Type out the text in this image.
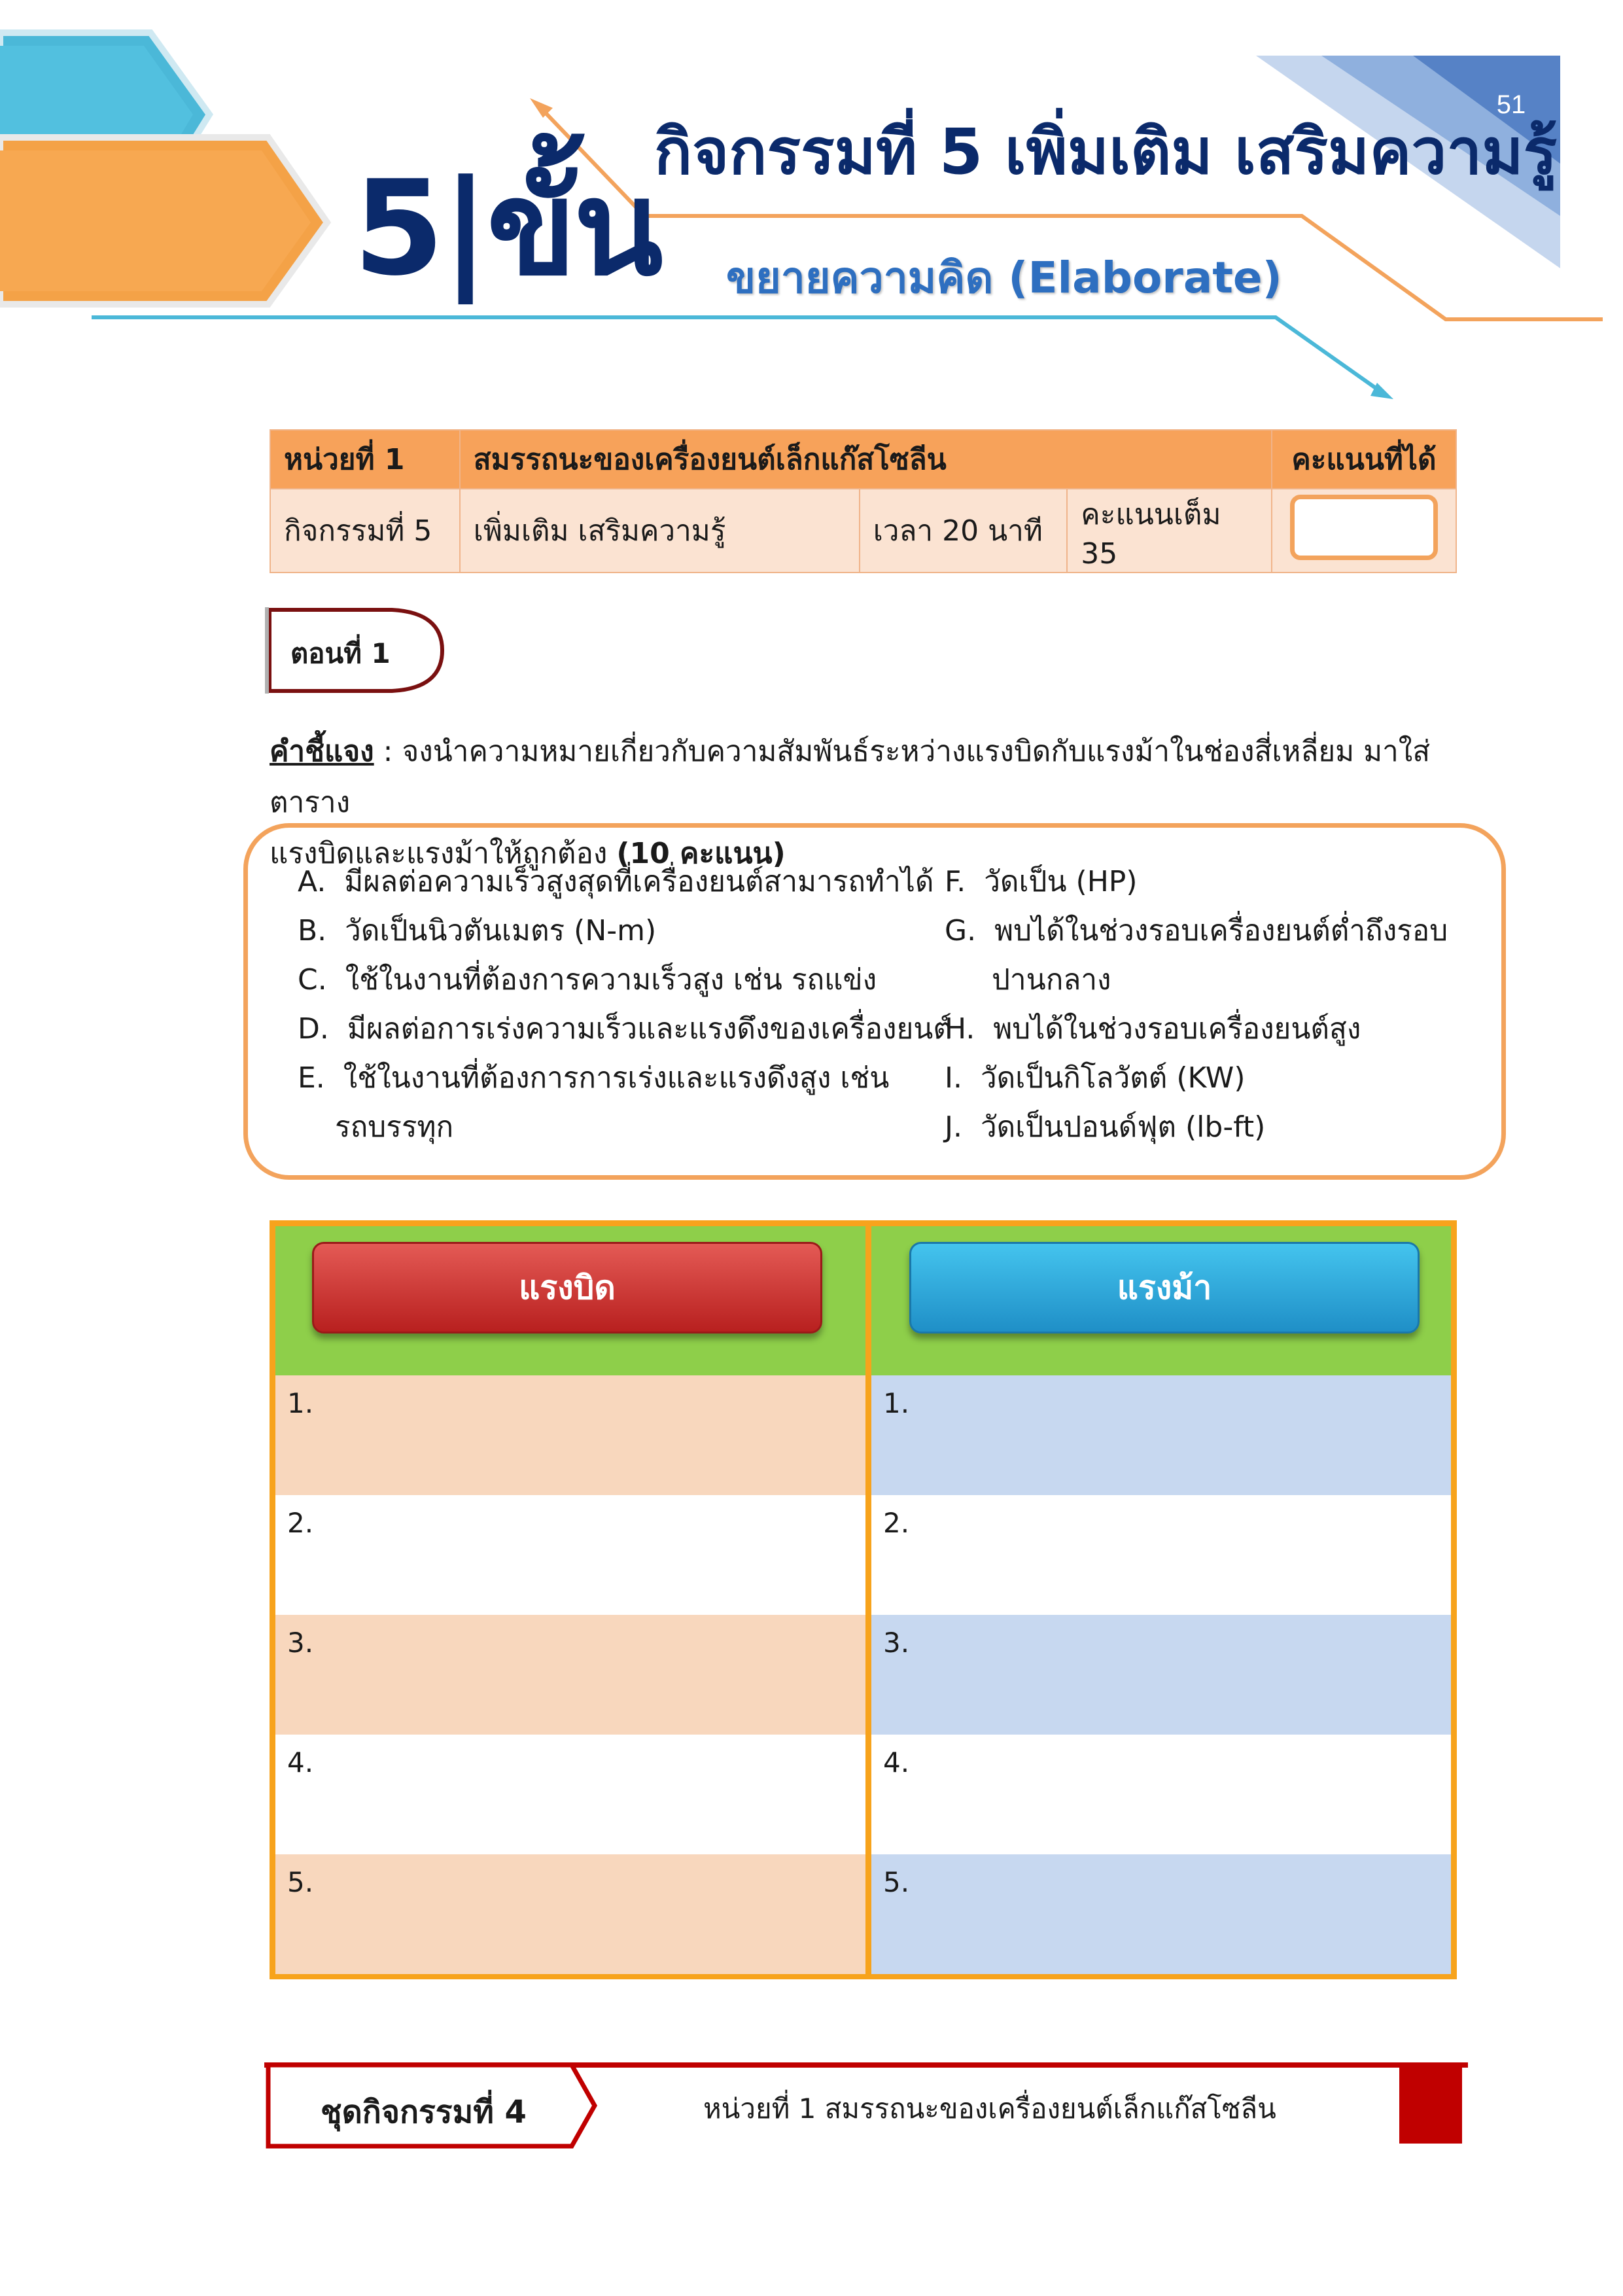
51
5|ขั้น
กิจกรรมที่ 5 เพิ่มเติม เสริมความรู้
ขยายความคิด (Elaborate)
หน่วยที่ 1	สมรรถนะของเครื่องยนต์เล็กแก๊สโซลีน			คะแนนที่ได้
กิจกรรมที่ 5	เพิ่มเติม เสริมความรู้	เวลา 20 นาที	คะแนนเต็ม 35	
ตอนที่ 1
คำชี้แจง : จงนำความหมายเกี่ยวกับความสัมพันธ์ระหว่างแรงบิดกับแรงม้าในช่องสี่เหลี่ยม มาใส่ตาราง
แรงบิดและแรงม้าให้ถูกต้อง (10 คะแนน)
A. มีผลต่อความเร็วสูงสุดที่เครื่องยนต์สามารถทำได้
B. วัดเป็นนิวตันเมตร (N-m)
C. ใช้ในงานที่ต้องการความเร็วสูง เช่น รถแข่ง
D. มีผลต่อการเร่งความเร็วและแรงดึงของเครื่องยนต์
E. ใช้ในงานที่ต้องการการเร่งและแรงดึงสูง เช่น
รถบรรทุก
F. วัดเป็น (HP)
G. พบได้ในช่วงรอบเครื่องยนต์ต่ำถึงรอบ
ปานกลาง
H. พบได้ในช่วงรอบเครื่องยนต์สูง
I. วัดเป็นกิโลวัตต์ (KW)
J. วัดเป็นปอนด์ฟุต (lb-ft)
แรงบิด	แรงม้า
1.	1.
2.	2.
3.	3.
4.	4.
5.	5.
ชุดกิจกรรมที่ 4	หน่วยที่ 1 สมรรถนะของเครื่องยนต์เล็กแก๊สโซลีน
